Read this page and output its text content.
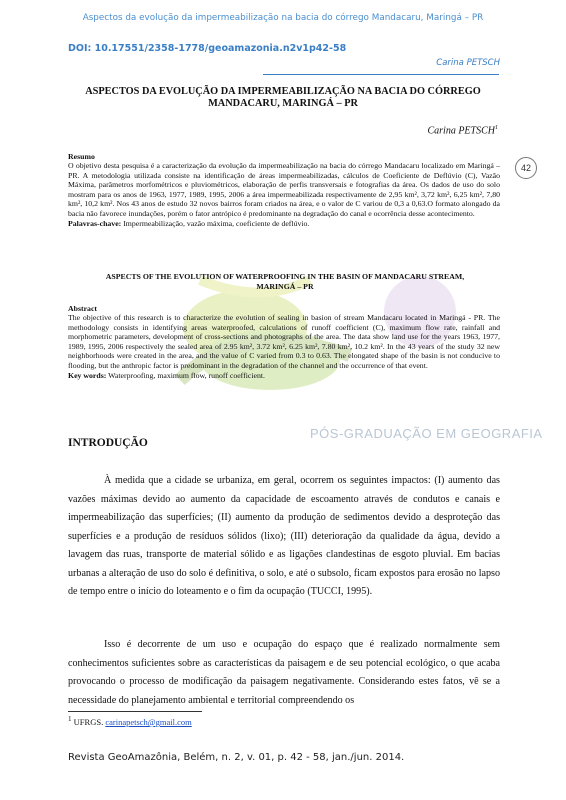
Aspectos da evolução da impermeabilização na bacia do córrego Mandacaru, Maringá – PR
DOI: 10.17551/2358-1778/geoamazonia.n2v1p42-58
Carina PETSCH
PÓS-GRADUAÇÃO EM GEOGRAFIA
ASPECTOS DA EVOLUÇÃO DA IMPERMEABILIZAÇÃO NA BACIA DO CÓRREGO MANDACARU, MARINGÁ – PR
Carina PETSCH$^1$
42
Resumo
O objetivo desta pesquisa é a caracterização da evolução da impermeabilização na bacia do córrego Mandacaru localizado em Maringá – PR. A metodologia utilizada consiste na identificação de áreas impermeabilizadas, cálculos de Coeficiente de Deflúvio (C), Vazão Máxima, parâmetros morfométricos e pluviométricos, elaboração de perfis transversais e fotografias da área. Os dados de uso do solo mostram para os anos de 1963, 1977, 1989, 1995, 2006 a área impermeabilizada respectivamente de 2,95 km², 3,72 km², 6,25 km², 7,80 km², 10,2 km². Nos 43 anos de estudo 32 novos bairros foram criados na área, e o valor de C variou de 0,3 a 0,63.O formato alongado da bacia não favorece inundações, porém o fator antrópico é predominante na degradação do canal e ocorrência desse acontecimento.
Palavras-chave: Impermeabilização, vazão máxima, coeficiente de deflúvio.
ASPECTS OF THE EVOLUTION OF WATERPROOFING IN THE BASIN OF MANDACARU STREAM, MARINGÁ – PR
Abstract
The objective of this research is to characterize the evolution of sealing in basion of stream Mandacaru located in Maringá - PR. The methodology consists in identifying areas waterproofed, calculations of runoff coefficient (C), maximum flow rate, rainfall and morphometric parameters, development of cross-sections and photographs of the area. The data show land use for the years 1963, 1977, 1989, 1995, 2006 respectively the sealed area of 2.95 km², 3.72 km², 6.25 km², 7.80 km², 10.2 km². In the 43 years of the study 32 new neighborhoods were created in the area, and the value of C varied from 0.3 to 0.63. The elongated shape of the basin is not conducive to flooding, but the anthropic factor is predominant in the degradation of the channel and the occurrence of that event.
Key words: Waterproofing, maximum flow, runoff coefficient.
INTRODUÇÃO
À medida que a cidade se urbaniza, em geral, ocorrem os seguintes impactos: (I) aumento das vazões máximas devido ao aumento da capacidade de escoamento através de condutos e canais e impermeabilização das superfícies; (II) aumento da produção de sedimentos devido a desproteção das superfícies e a produção de resíduos sólidos (lixo); (III) deterioração da qualidade da água, devido a lavagem das ruas, transporte de material sólido e as ligações clandestinas de esgoto pluvial. Em bacias urbanas a alteração de uso do solo é definitiva, o solo, e até o subsolo, ficam expostos para erosão no lapso de tempo entre o início do loteamento e o fim da ocupação (TUCCI, 1995).
Isso é decorrente de um uso e ocupação do espaço que é realizado normalmente sem conhecimentos suficientes sobre as características da paisagem e de seu potencial ecológico, o que acaba provocando o processo de modificação da paisagem negativamente. Considerando estes fatos, vê se a necessidade do planejamento ambiental e territorial compreendendo os
$^1$ UFRGS. carinapetsch@gmail.com
Revista GeoAmazônia, Belém, n. 2, v. 01, p. 42 - 58, jan./jun. 2014.
